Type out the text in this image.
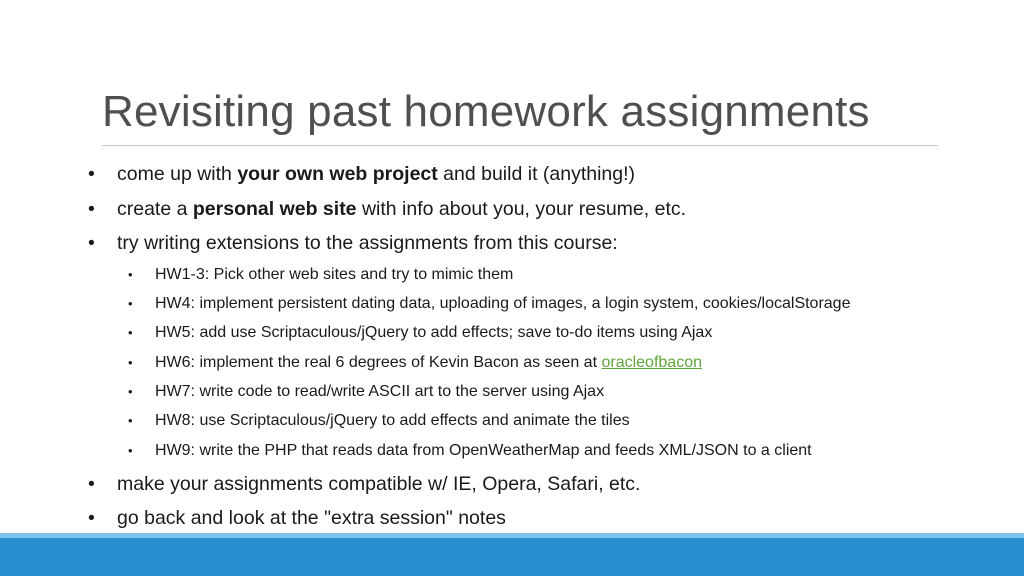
Revisiting past homework assignments
•	come up with your own web project and build it (anything!)
•	create a personal web site with info about you, your resume, etc.
•	try writing extensions to the assignments from this course:
• HW1-3: Pick other web sites and try to mimic them
• HW4: implement persistent dating data, uploading of images, a login system, cookies/localStorage
• HW5: add use Scriptaculous/jQuery to add effects; save to-do items using Ajax
• HW6: implement the real 6 degrees of Kevin Bacon as seen at oracleofbacon
• HW7: write code to read/write ASCII art to the server using Ajax
• HW8: use Scriptaculous/jQuery to add effects and animate the tiles
• HW9: write the PHP that reads data from OpenWeatherMap and feeds XML/JSON to a client
•	make your assignments compatible w/ IE, Opera, Safari, etc.
•	go back and look at the "extra session" notes
